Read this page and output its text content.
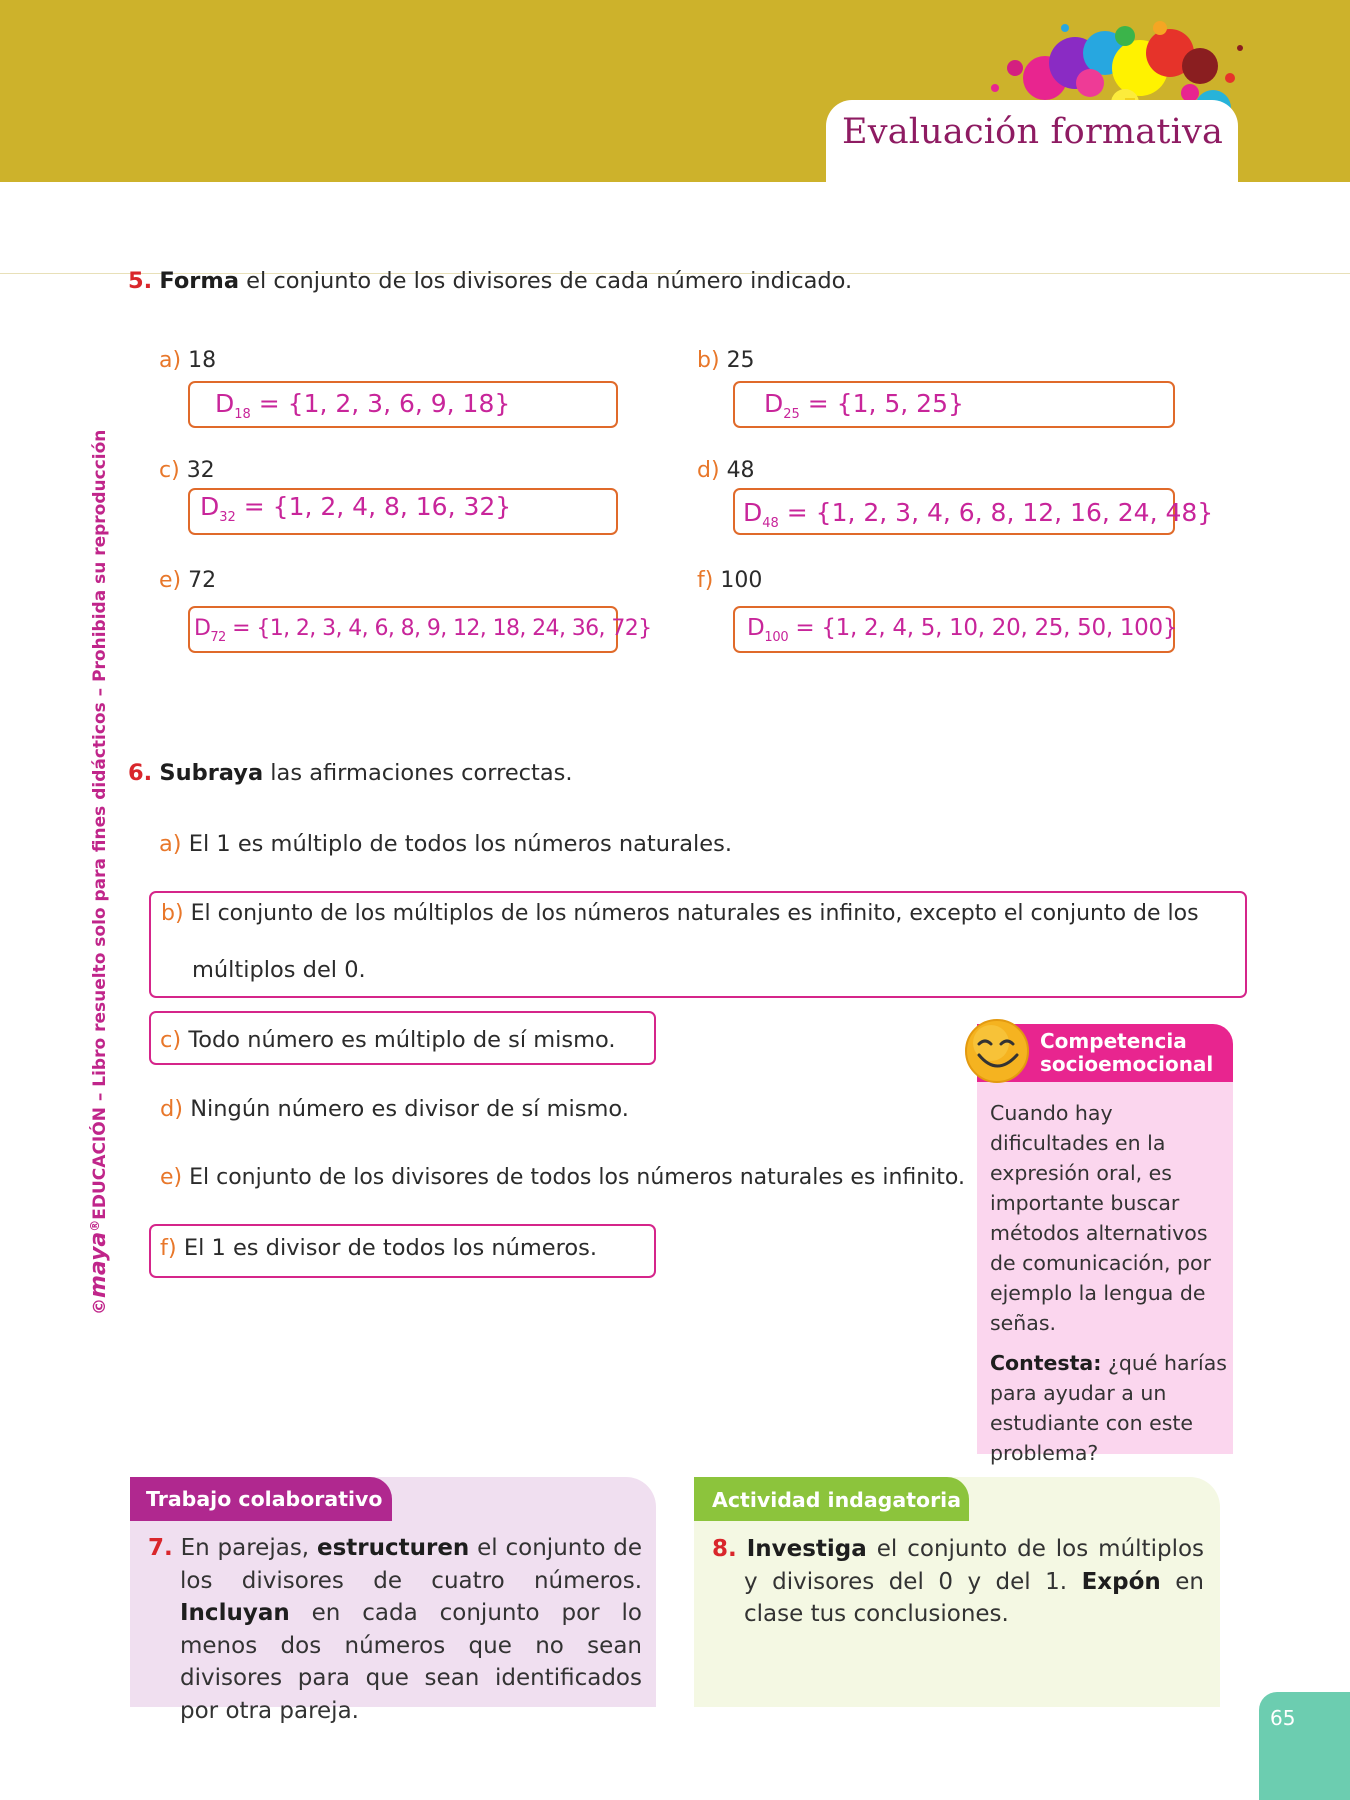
Evaluación formativa
©maya®EDUCACIÓN – Libro resuelto solo para fines didácticos – Prohibida su reproducción
5. Forma el conjunto de los divisores de cada número indicado.
a) 18
$D_{18} = \{1$, 2, 3, 6, 9, 18}
b) 25
$D_{25} = \{1$, 5, 25}
c) 32
$D_{32} = \{1$, 2, 4, 8, 16, 32}
d) 48
$D_{48} = \{1$, 2, 3, 4, 6, 8, 12, 16, 24, 48}
e) 72
$D_{72} = \{1$, 2, 3, 4, 6, 8, 9, 12, 18, 24, 36, 72}
f) 100
$D_{100} = \{1$, 2, 4, 5, 10, 20, 25, 50, 100}
6. Subraya las afirmaciones correctas.
a) El 1 es múltiplo de todos los números naturales.
b) El conjunto de los múltiplos de los números naturales es infinito, excepto el conjunto de los
múltiplos del 0.
c) Todo número es múltiplo de sí mismo.
d) Ningún número es divisor de sí mismo.
e) El conjunto de los divisores de todos los números naturales es infinito.
f) El 1 es divisor de todos los números.
Competencia
socioemocional
Cuando hay dificultades en la expresión oral, es importante buscar métodos alternativos de comunicación, por ejemplo la lengua de señas.
Contesta: ¿qué harías para ayudar a un estudiante con este problema?
Trabajo colaborativo
7. En parejas, estructuren el conjunto de los divisores de cuatro números. Incluyan en cada conjunto por lo menos dos números que no sean divisores para que sean identificados por otra pareja.
Actividad indagatoria
8. Investiga el conjunto de los múltiplos y divisores del 0 y del 1. Expón en clase tus conclusiones.
65
